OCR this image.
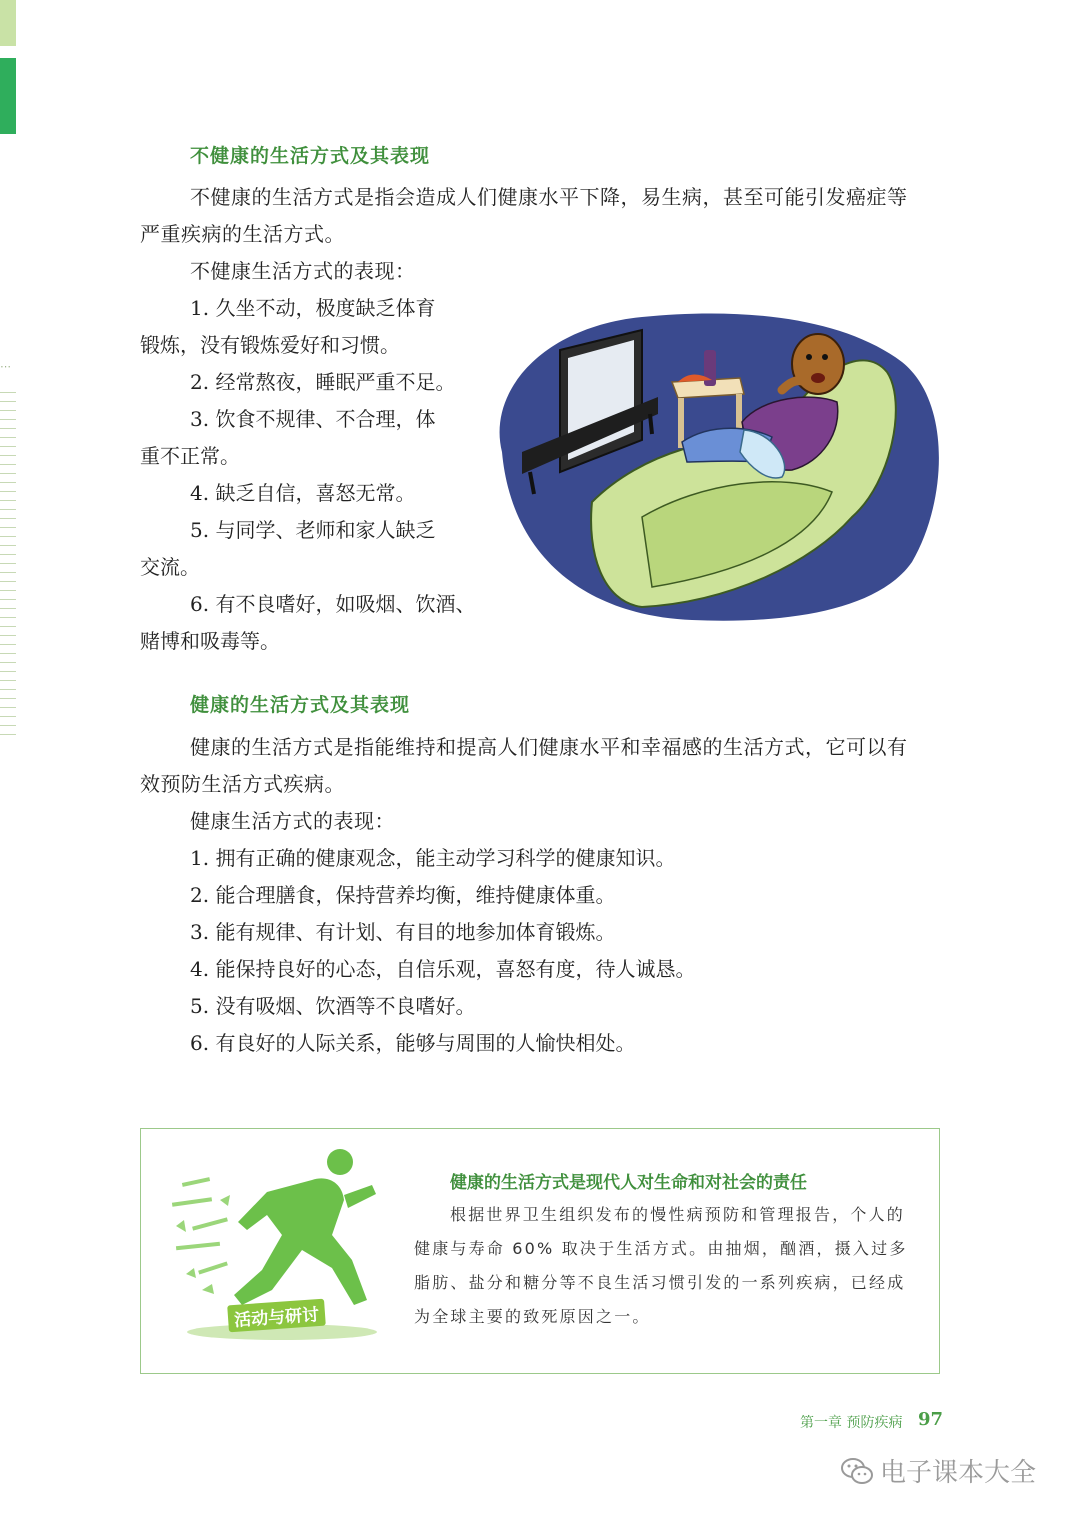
⋯
不健康的生活方式及其表现
不健康的生活方式是指会造成人们健康水平下降，易生病，甚至可能引发癌症等
严重疾病的生活方式。
不健康生活方式的表现：
1. 久坐不动，极度缺乏体育
锻炼，没有锻炼爱好和习惯。
2. 经常熬夜，睡眠严重不足。
3. 饮食不规律、不合理，体
重不正常。
4. 缺乏自信，喜怒无常。
5. 与同学、老师和家人缺乏
交流。
6. 有不良嗜好，如吸烟、饮酒、
赌博和吸毒等。
健康的生活方式及其表现
健康的生活方式是指能维持和提高人们健康水平和幸福感的生活方式，它可以有
效预防生活方式疾病。
健康生活方式的表现：
1. 拥有正确的健康观念，能主动学习科学的健康知识。
2. 能合理膳食，保持营养均衡，维持健康体重。
3. 能有规律、有计划、有目的地参加体育锻炼。
4. 能保持良好的心态，自信乐观，喜怒有度，待人诚恳。
5. 没有吸烟、饮酒等不良嗜好。
6. 有良好的人际关系，能够与周围的人愉快相处。
活动与研讨
健康的生活方式是现代人对生命和对社会的责任
根据世界卫生组织发布的慢性病预防和管理报告，个人的
健康与寿命 60% 取决于生活方式。由抽烟，酗酒，摄入过多
脂肪、盐分和糖分等不良生活习惯引发的一系列疾病，已经成
为全球主要的致死原因之一。
第一章 预防疾病 97
电子课本大全
